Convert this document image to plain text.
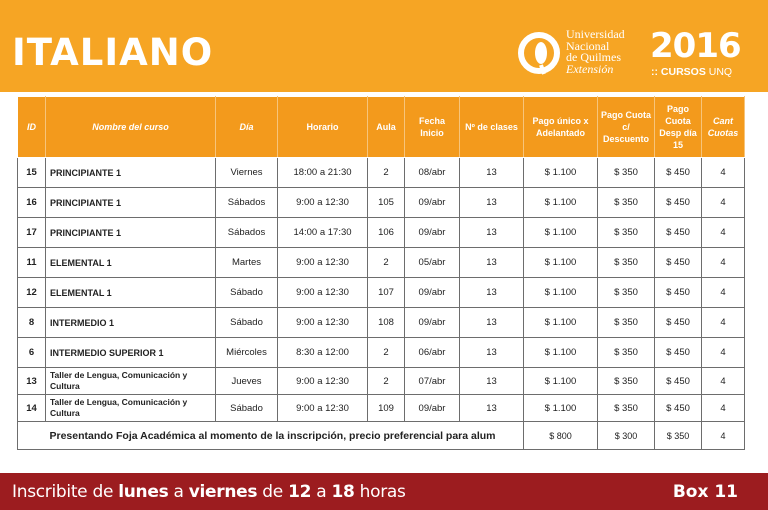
ITALIANO	Universidad
Nacional
de Quilmes
Extensión
2016
:: CURSOS UNQ
ID	Nombre del curso	Día	Horario	Aula	Fecha Inicio	Nº de clases	Pago único x Adelantado	Pago Cuota c/ Descuento	Pago Cuota Desp día 15	Cant Cuotas
15	PRINCIPIANTE 1	Viernes	18:00 a 21:30	2	08/abr	13	$ 1.100	$ 350	$ 450	4
16	PRINCIPIANTE 1	Sábados	9:00 a 12:30	105	09/abr	13	$ 1.100	$ 350	$ 450	4
17	PRINCIPIANTE 1	Sábados	14:00 a 17:30	106	09/abr	13	$ 1.100	$ 350	$ 450	4
11	ELEMENTAL 1	Martes	9:00 a 12:30	2	05/abr	13	$ 1.100	$ 350	$ 450	4
12	ELEMENTAL 1	Sábado	9:00 a 12:30	107	09/abr	13	$ 1.100	$ 350	$ 450	4
8	INTERMEDIO 1	Sábado	9:00 a 12:30	108	09/abr	13	$ 1.100	$ 350	$ 450	4
6	INTERMEDIO SUPERIOR 1	Miércoles	8:30 a 12:00	2	06/abr	13	$ 1.100	$ 350	$ 450	4
13	Taller de Lengua, Comunicación y Cultura	Jueves	9:00 a 12:30	2	07/abr	13	$ 1.100	$ 350	$ 450	4
14	Taller de Lengua, Comunicación y Cultura	Sábado	9:00 a 12:30	109	09/abr	13	$ 1.100	$ 350	$ 450	4
	Presentando Foja Académica al momento de la inscripción, precio preferencial para alum						$ 800	$ 300	$ 350	4
Inscribite de lunes a viernes de 12 a 18 horas	Box 11
